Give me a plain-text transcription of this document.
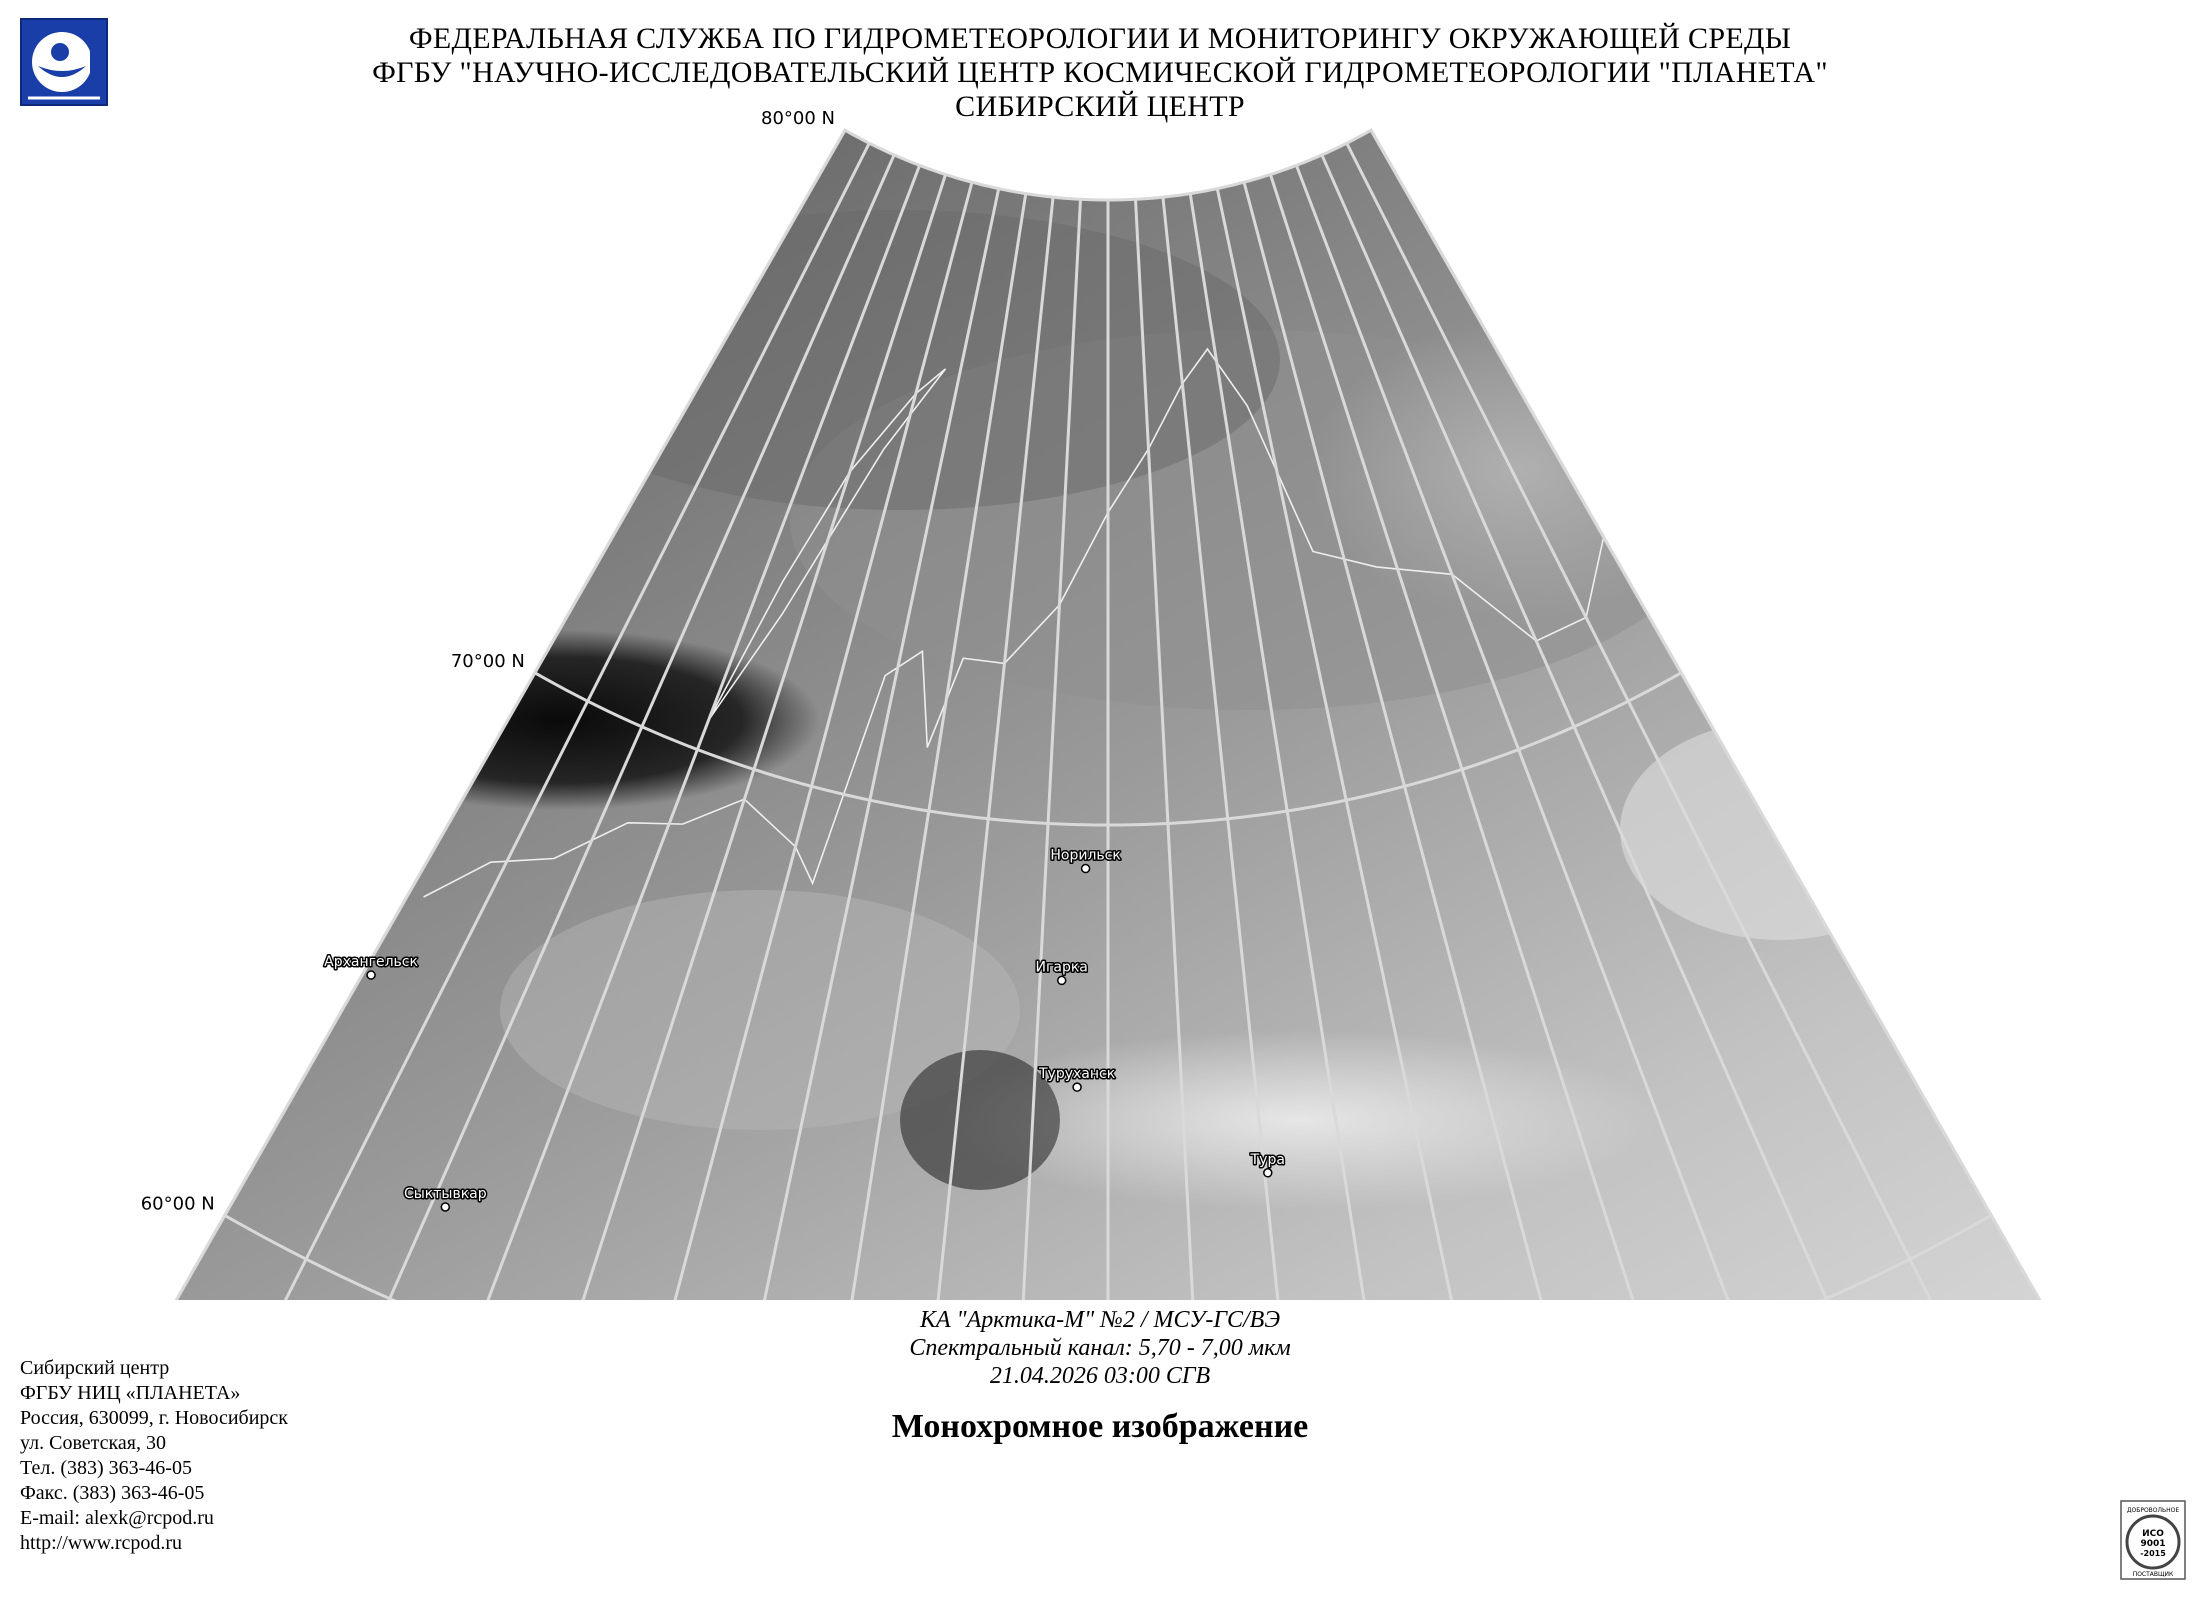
ФЕДЕРАЛЬНАЯ СЛУЖБА ПО ГИДРОМЕТЕОРОЛОГИИ И МОНИТОРИНГУ ОКРУЖАЮЩЕЙ СРЕДЫ
ФГБУ "НАУЧНО-ИССЛЕДОВАТЕЛЬСКИЙ ЦЕНТР КОСМИЧЕСКОЙ ГИДРОМЕТЕОРОЛОГИИ "ПЛАНЕТА"
СИБИРСКИЙ ЦЕНТР
Архангельск
Сыктывкар
Норильск
Игарка
Туруханск
Тура
80°00 N
70°00 N
60°00 N
КА "Арктика-М" №2 / МСУ-ГС/ВЭ
Спектральный канал: 5,70 - 7,00 мкм
21.04.2026 03:00 СГВ
Монохромное изображение
Сибирский центр
ФГБУ НИЦ «ПЛАНЕТА»
Россия, 630099, г. Новосибирск
ул. Советская, 30
Тел. (383) 363-46-05
Факс. (383) 363-46-05
E-mail: alexk@rcpod.ru
http://www.rcpod.ru
ДОБРОВОЛЬНОЕ
ИСО
9001
-2015
ПОСТАВЩИК
